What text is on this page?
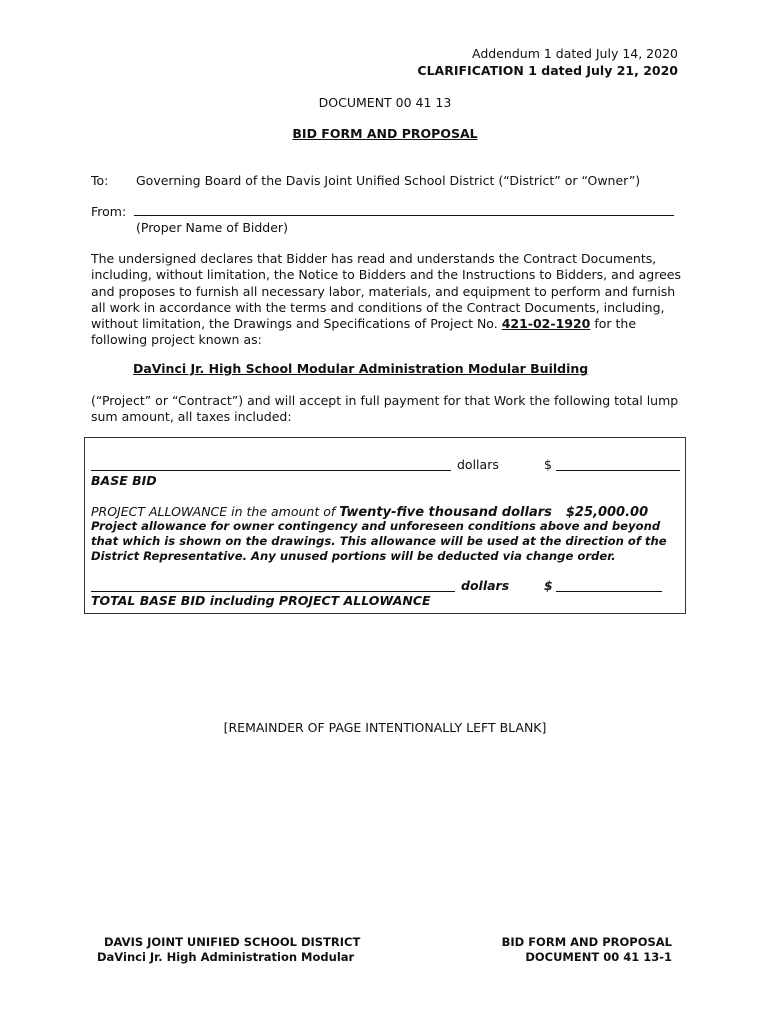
Addendum 1 dated July 14, 2020
CLARIFICATION 1 dated July 21, 2020
DOCUMENT 00 41 13
BID FORM AND PROPOSAL
To: Governing Board of the Davis Joint Unified School District (“District” or “Owner”)
From:
(Proper Name of Bidder)
The undersigned declares that Bidder has read and understands the Contract Documents, including, without limitation, the Notice to Bidders and the Instructions to Bidders, and agrees and proposes to furnish all necessary labor, materials, and equipment to perform and furnish all work in accordance with the terms and conditions of the Contract Documents, including, without limitation, the Drawings and Specifications of Project No. 421-02-1920 for the following project known as:
DaVinci Jr. High School Modular Administration Modular Building
(“Project” or “Contract”) and will accept in full payment for that Work the following total lump sum amount, all taxes included:
dollars	$
BASE BID
PROJECT ALLOWANCE in the amount of Twenty-five thousand dollars $25,000.00
Project allowance for owner contingency and unforeseen conditions above and beyond that which is shown on the drawings. This allowance will be used at the direction of the District Representative. Any unused portions will be deducted via change order.
dollars	$
TOTAL BASE BID including PROJECT ALLOWANCE
[REMAINDER OF PAGE INTENTIONALLY LEFT BLANK]
DAVIS JOINT UNIFIED SCHOOL DISTRICT
DaVinci Jr. High Administration Modular
BID FORM AND PROPOSAL
DOCUMENT 00 41 13-1
